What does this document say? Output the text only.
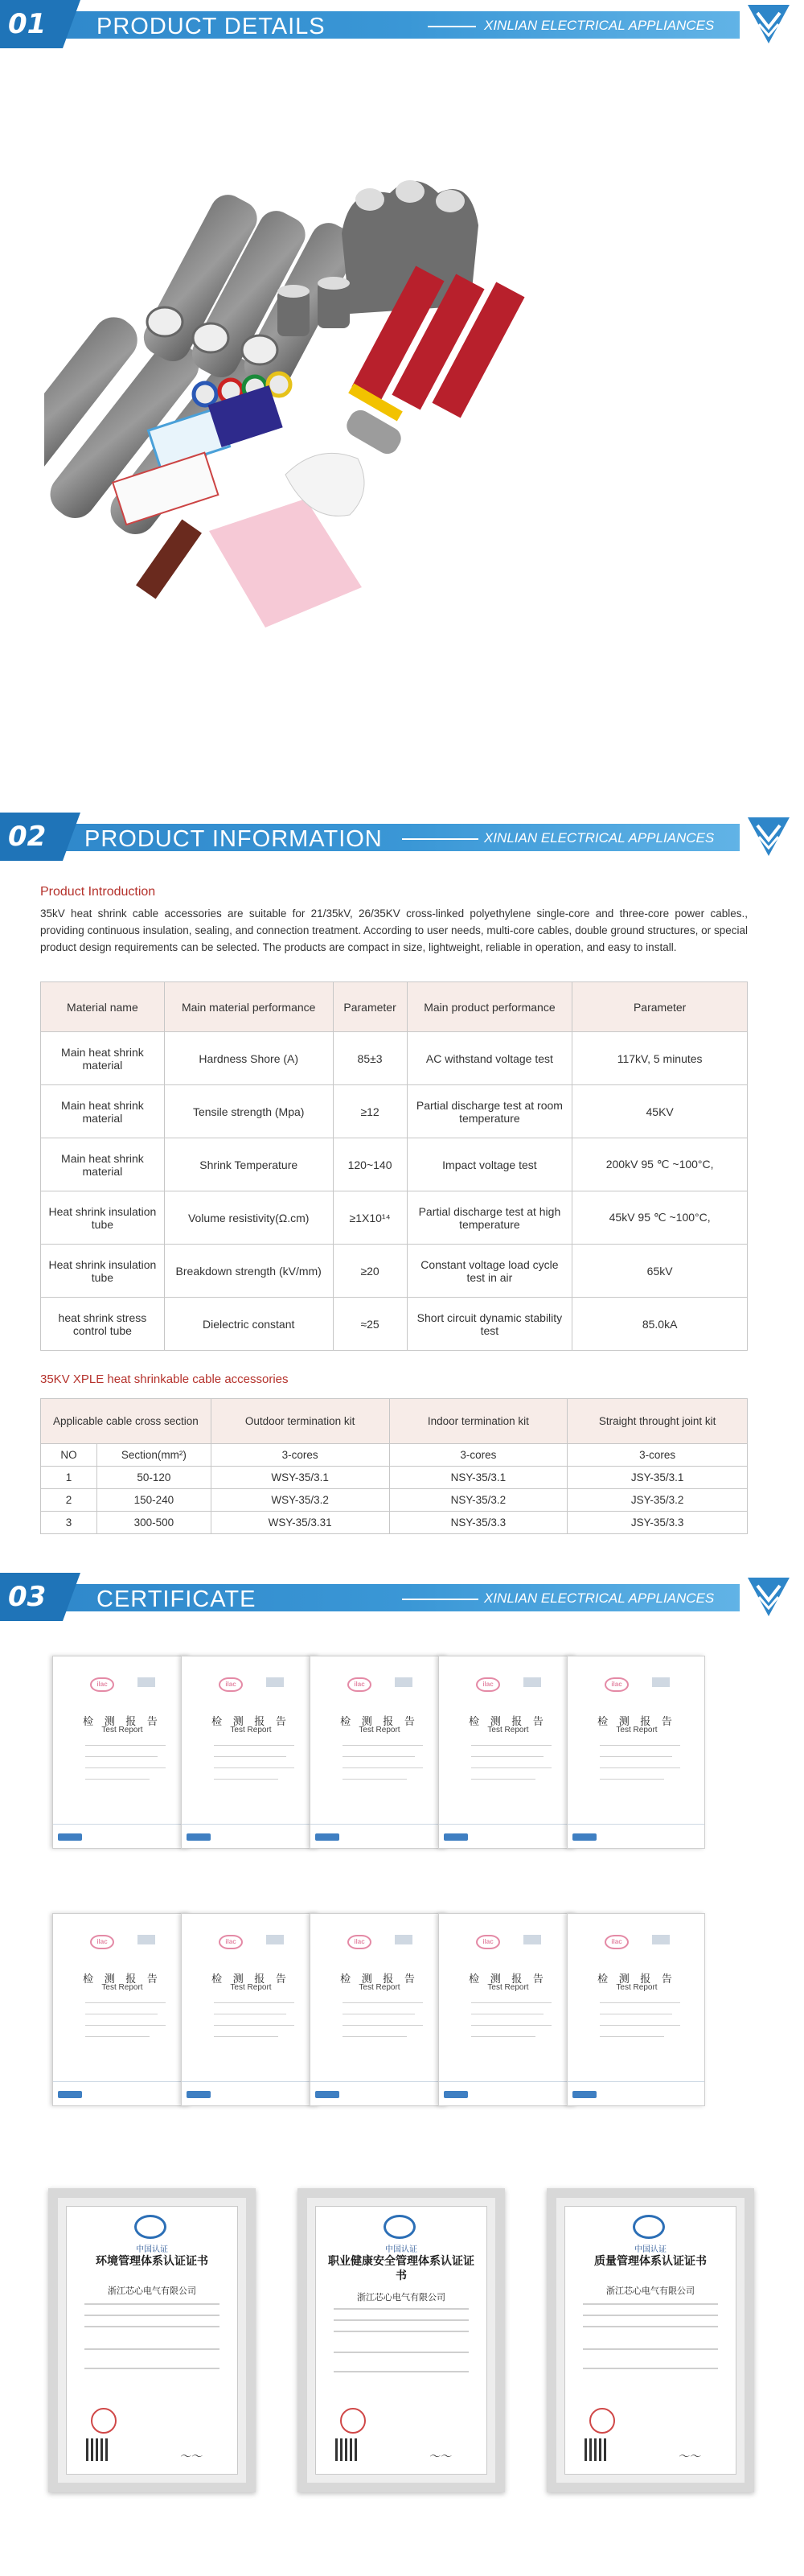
01 PRODUCT DETAILS	XINLIAN ELECTRICAL APPLIANCES
02 PRODUCT INFORMATION	XINLIAN ELECTRICAL APPLIANCES
Product Introduction
35kV heat shrink cable accessories are suitable for 21/35kV, 26/35KV cross-linked polyethylene single-core and three-core power cables., providing continuous insulation, sealing, and connection treatment. According to user needs, multi-core cables, double ground structures, or special product design requirements can be selected. The products are compact in size, lightweight, reliable in operation, and easy to install.
Material name	Main material performance	Parameter	Main product performance	Parameter
Main heat shrink material	Hardness Shore (A)	85±3	AC withstand voltage test	117kV, 5 minutes
Main heat shrink material	Tensile strength (Mpa)	≥12	Partial discharge test at room temperature	45KV
Main heat shrink material	Shrink Temperature	120~140	Impact voltage test	200kV 95 ℃ ~100°C,
Heat shrink insulation tube	Volume resistivity(Ω.cm)	≥1X10¹⁴	Partial discharge test at high temperature	45kV 95 ℃ ~100°C,
Heat shrink insulation tube	Breakdown strength (kV/mm)	≥20	Constant voltage load cycle test in air	65kV
heat shrink stress control tube	Dielectric constant	≈25	Short circuit dynamic stability test	85.0kA
35KV XPLE heat shrinkable cable accessories
Applicable cable cross section		Outdoor termination kit	Indoor termination kit	Straight throught joint kit
NO	Section(mm²)	3-cores	3-cores	3-cores
1	50-120	WSY-35/3.1	NSY-35/3.1	JSY-35/3.1
2	150-240	WSY-35/3.2	NSY-35/3.2	JSY-35/3.2
3	300-500	WSY-35/3.31	NSY-35/3.3	JSY-35/3.3
03 CERTIFICATE	XINLIAN ELECTRICAL APPLIANCES
ilac
检 测 报 告
Test Report
ilac
检 测 报 告
Test Report
ilac
检 测 报 告
Test Report
ilac
检 测 报 告
Test Report
ilac
检 测 报 告
Test Report
ilac
检 测 报 告
Test Report
ilac
检 测 报 告
Test Report
ilac
检 测 报 告
Test Report
ilac
检 测 报 告
Test Report
ilac
检 测 报 告
Test Report
中国认证
环境管理体系认证证书
浙江芯心电气有限公司
〜〜
中国认证
职业健康安全管理体系认证证书
浙江芯心电气有限公司
〜〜
中国认证
质量管理体系认证证书
浙江芯心电气有限公司
〜〜
